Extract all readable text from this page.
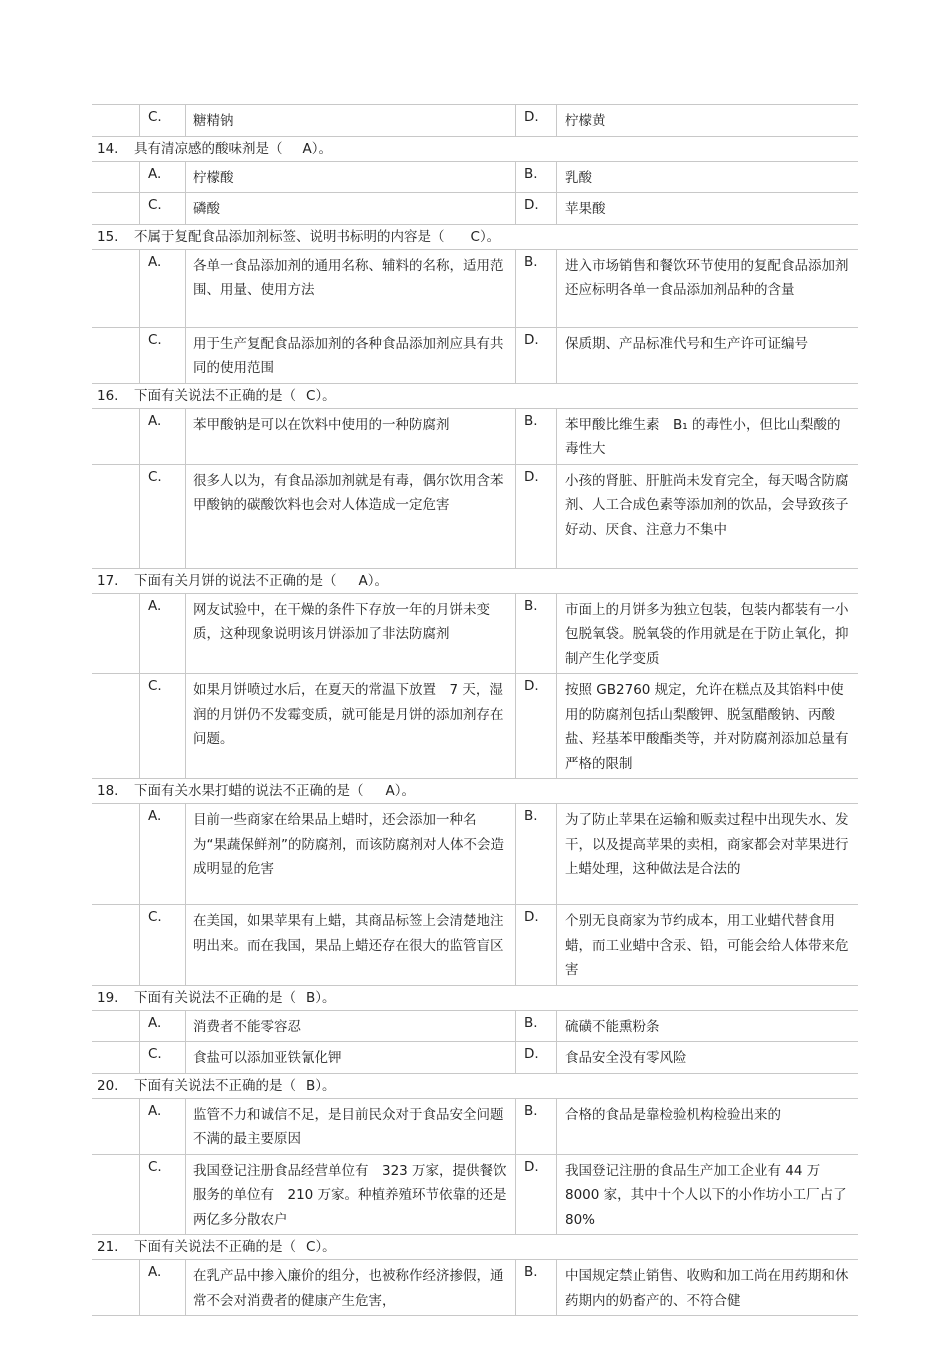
	C.	糖精钠	D.	柠檬黄
14. 具有清凉感的酸味剂是（ A）。
	A.	柠檬酸	B.	乳酸
	C.	磷酸	D.	苹果酸
15. 不属于复配食品添加剂标签、说明书标明的内容是（ C）。
	A.	各单一食品添加剂的通用名称、辅料的名称，适用范围、用量、使用方法	B.	进入市场销售和餐饮环节使用的复配食品添加剂还应标明各单一食品添加剂品种的含量
	C.	用于生产复配食品添加剂的各种食品添加剂应具有共同的使用范围	D.	保质期、产品标准代号和生产许可证编号
16. 下面有关说法不正确的是（ C）。
	A.	苯甲酸钠是可以在饮料中使用的一种防腐剂	B.	苯甲酸比维生素　B₁ 的毒性小，但比山梨酸的毒性大
	C.	很多人以为，有食品添加剂就是有毒，偶尔饮用含苯甲酸钠的碳酸饮料也会对人体造成一定危害	D.	小孩的肾脏、肝脏尚未发育完全，每天喝含防腐剂、人工合成色素等添加剂的饮品，会导致孩子好动、厌食、注意力不集中
17. 下面有关月饼的说法不正确的是（ A）。
	A.	网友试验中，在干燥的条件下存放一年的月饼未变质，这种现象说明该月饼添加了非法防腐剂	B.	市面上的月饼多为独立包装，包装内都装有一小包脱氧袋。脱氧袋的作用就是在于防止氧化，抑制产生化学变质
	C.	如果月饼喷过水后，在夏天的常温下放置　7 天，湿润的月饼仍不发霉变质，就可能是月饼的添加剂存在问题。	D.	按照 GB2760 规定，允许在糕点及其馅料中使用的防腐剂包括山梨酸钾、脱氢醋酸钠、丙酸盐、羟基苯甲酸酯类等，并对防腐剂添加总量有严格的限制
18. 下面有关水果打蜡的说法不正确的是（ A）。
	A.	目前一些商家在给果品上蜡时，还会添加一种名为“果蔬保鲜剂”的防腐剂，而该防腐剂对人体不会造成明显的危害	B.	为了防止苹果在运输和贩卖过程中出现失水、发干，以及提高苹果的卖相，商家都会对苹果进行上蜡处理，这种做法是合法的
	C.	在美国，如果苹果有上蜡，其商品标签上会清楚地注明出来。而在我国，果品上蜡还存在很大的监管盲区	D.	个别无良商家为节约成本，用工业蜡代替食用蜡，而工业蜡中含汞、铅，可能会给人体带来危害
19. 下面有关说法不正确的是（ B）。
	A.	消费者不能零容忍	B.	硫磺不能熏粉条
	C.	食盐可以添加亚铁氰化钾	D.	食品安全没有零风险
20. 下面有关说法不正确的是（ B）。
	A.	监管不力和诚信不足，是目前民众对于食品安全问题不满的最主要原因	B.	合格的食品是靠检验机构检验出来的
	C.	我国登记注册食品经营单位有　323 万家，提供餐饮服务的单位有　210 万家。种植养殖环节依靠的还是两亿多分散农户	D.	我国登记注册的食品生产加工企业有 44 万 8000 家，其中十个人以下的小作坊小工厂占了　80%
21. 下面有关说法不正确的是（ C）。
	A.	在乳产品中掺入廉价的组分，也被称作经济掺假，通常不会对消费者的健康产生危害，	B.	中国规定禁止销售、收购和加工尚在用药期和休药期内的奶畜产的、不符合健
